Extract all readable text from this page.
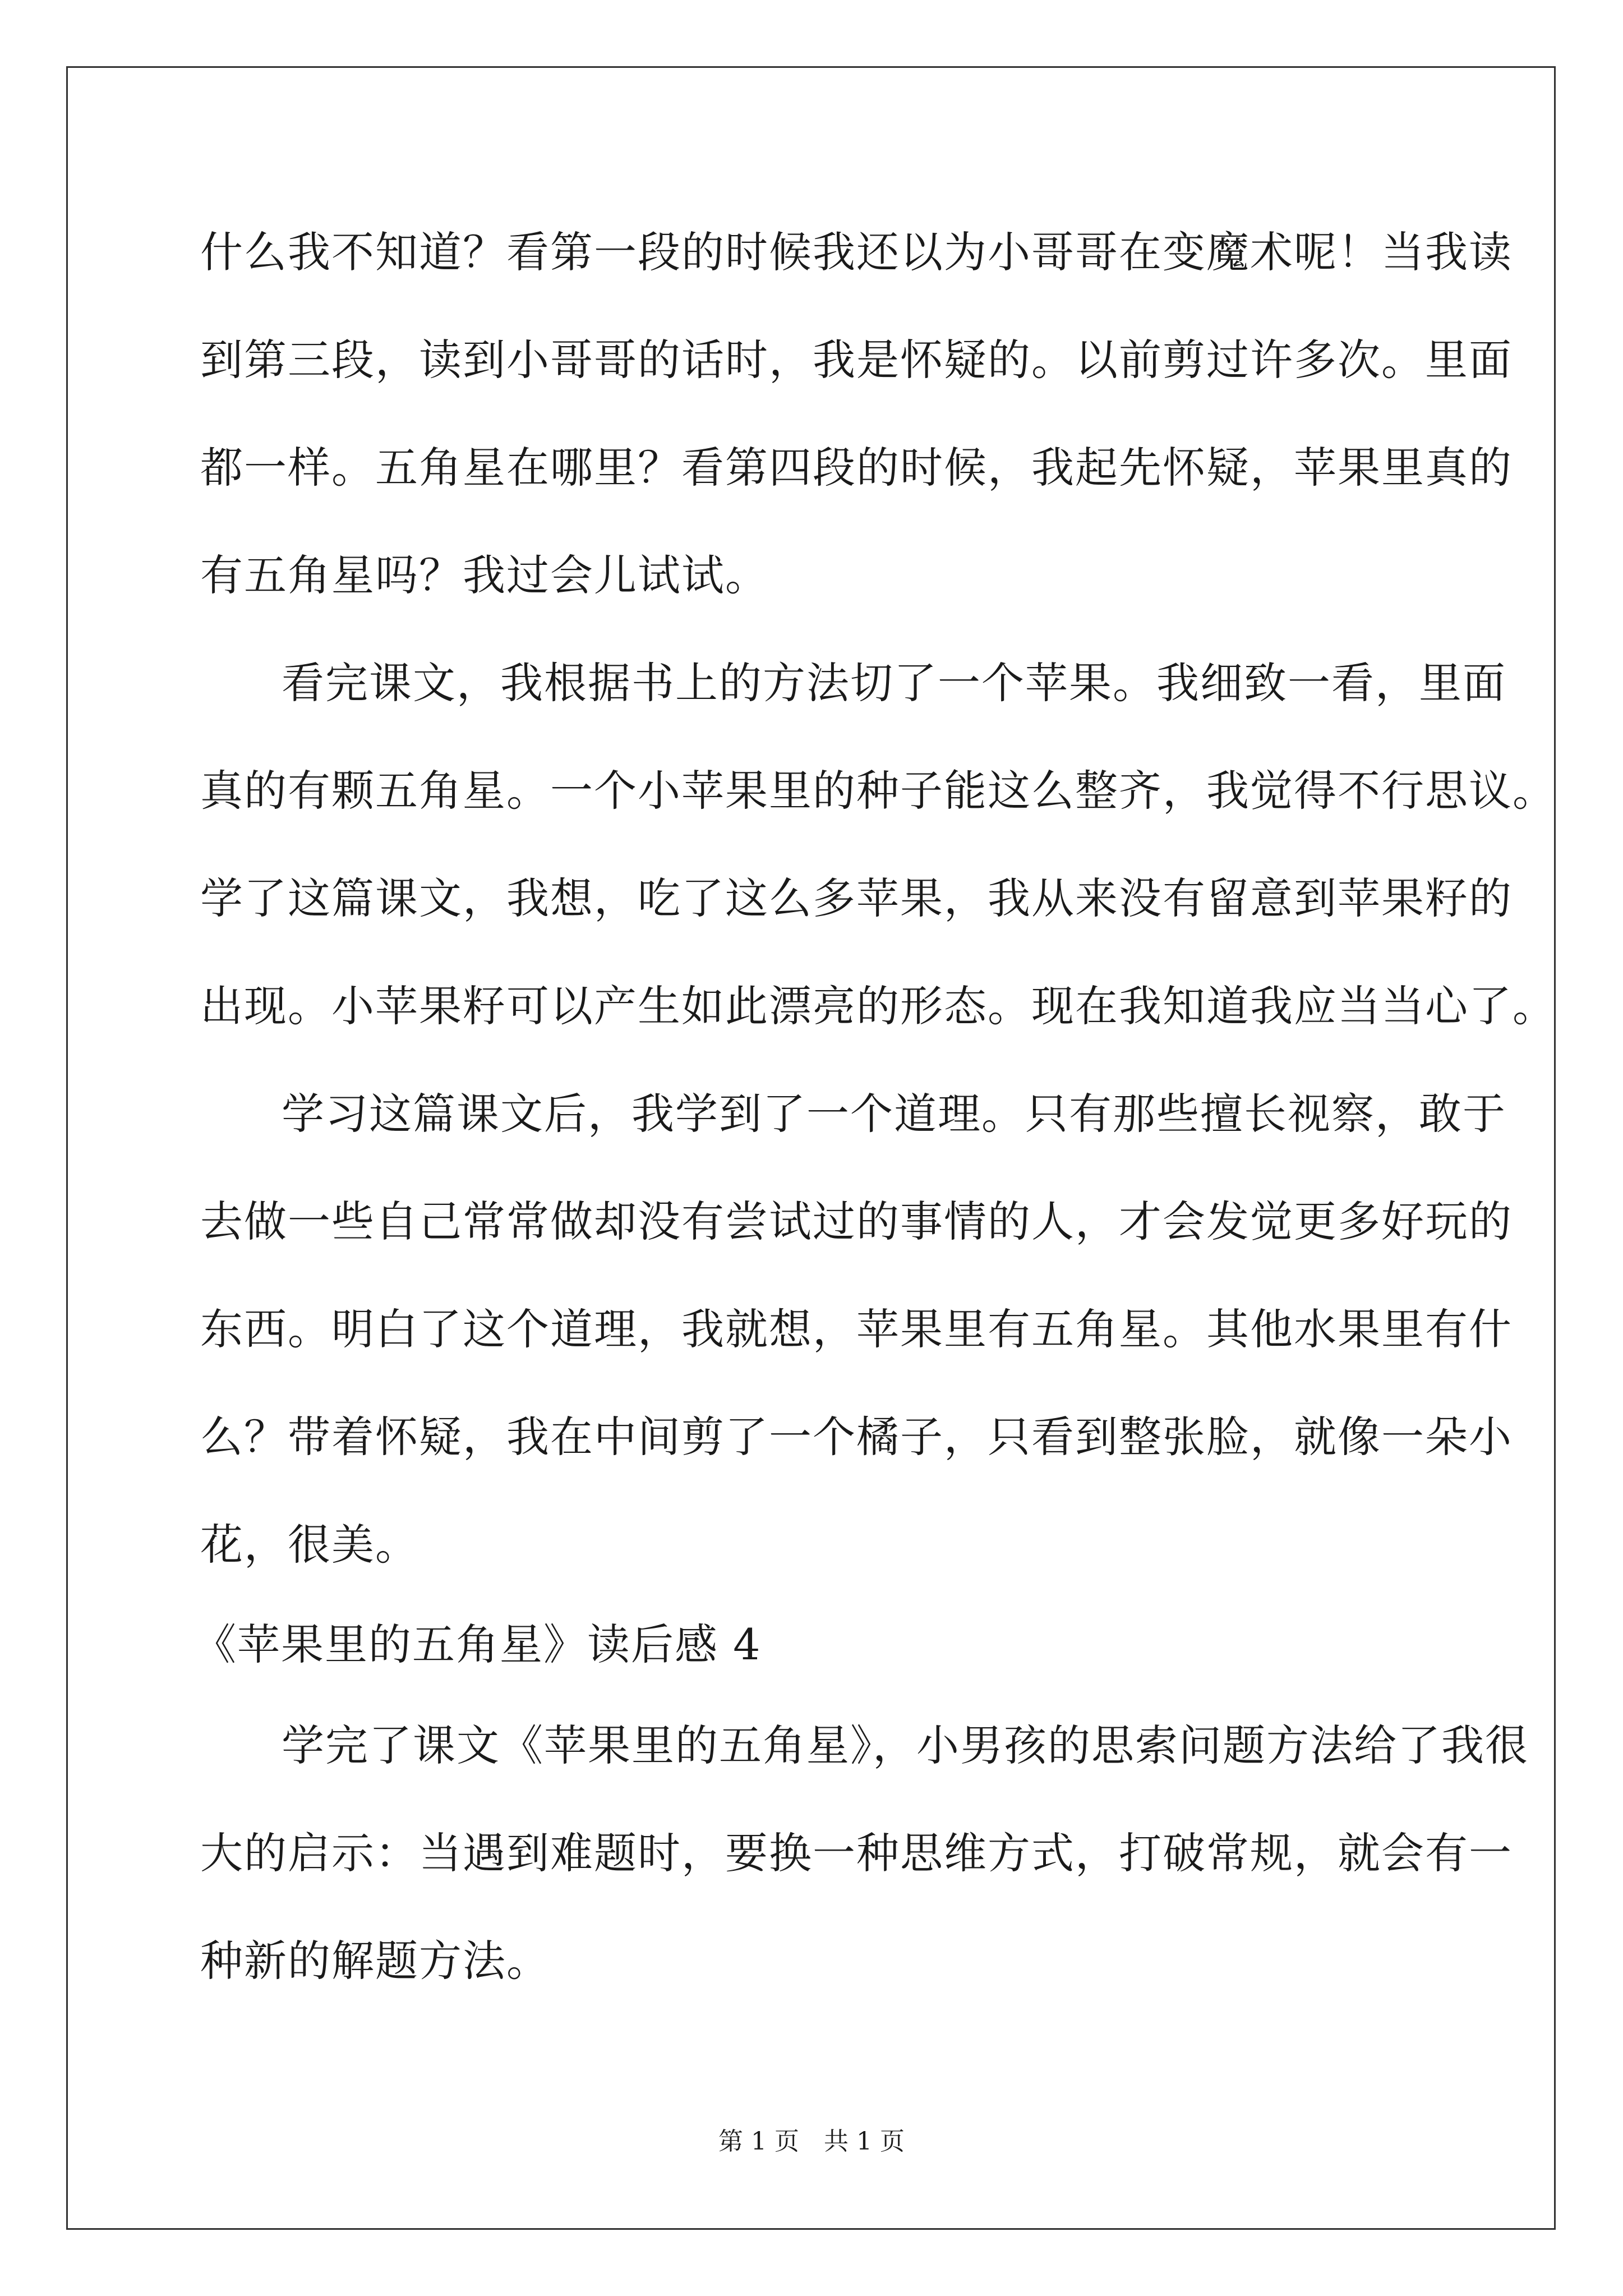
什么我不知道？看第一段的时候我还以为小哥哥在变魔术呢！当我读
到第三段，读到小哥哥的话时，我是怀疑的。以前剪过许多次。里面
都一样。五角星在哪里？看第四段的时候，我起先怀疑，苹果里真的
有五角星吗？我过会儿试试。
看完课文，我根据书上的方法切了一个苹果。我细致一看，里面
真的有颗五角星。一个小苹果里的种子能这么整齐，我觉得不行思议。
学了这篇课文，我想，吃了这么多苹果，我从来没有留意到苹果籽的
出现。小苹果籽可以产生如此漂亮的形态。现在我知道我应当当心了。
学习这篇课文后，我学到了一个道理。只有那些擅长视察，敢于
去做一些自己常常做却没有尝试过的事情的人，才会发觉更多好玩的
东西。明白了这个道理，我就想，苹果里有五角星。其他水果里有什
么？带着怀疑，我在中间剪了一个橘子，只看到整张脸，就像一朵小
花，很美。
《苹果里的五角星》读后感 4
学完了课文《苹果里的五角星》，小男孩的思索问题方法给了我很
大的启示：当遇到难题时，要换一种思维方式，打破常规，就会有一
种新的解题方法。
第 1 页　共 1 页
